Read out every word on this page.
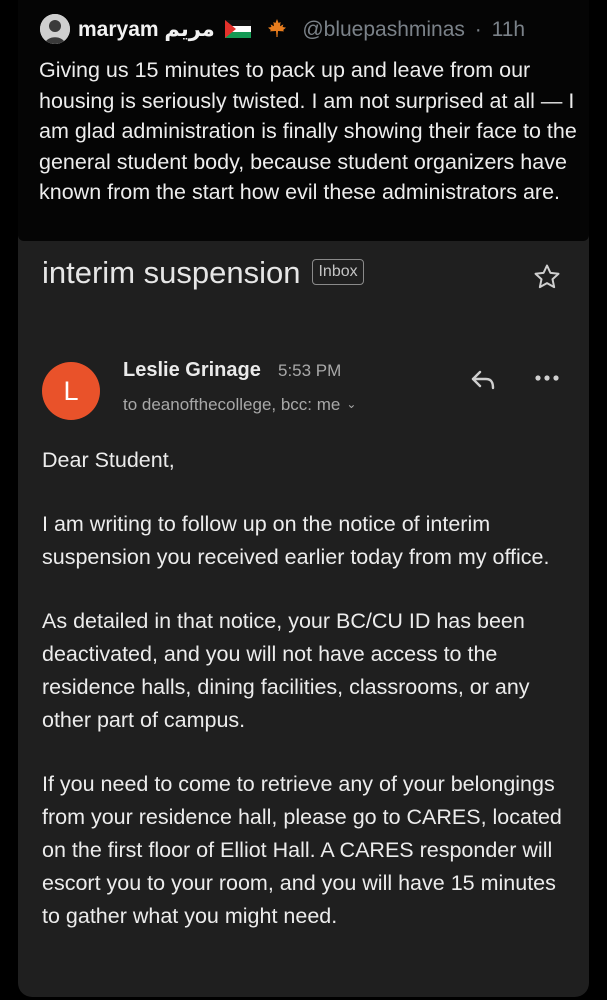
interim suspension Inbox
L
Leslie Grinage 5:53 PM
to deanofthecollege, bcc: me ⌄

Dear Student,

I am writing to follow up on the notice of interim suspension you received earlier today from my office.

As detailed in that notice, your BC/CU ID has been deactivated, and you will not have access to the residence halls, dining facilities, classrooms, or any other part of campus.

If you need to come to retrieve any of your belongings from your residence hall, please go to CARES, located on the first floor of Elliot Hall. A CARES responder will escort you to your room, and you will have 15 minutes to gather what you might need.

maryam مريم	@bluepashminas · 11h
Giving us 15 minutes to pack up and leave from our housing is seriously twisted. I am not surprised at all — I am glad administration is finally showing their face to the general student body, because student organizers have known from the start how evil these administrators are.
